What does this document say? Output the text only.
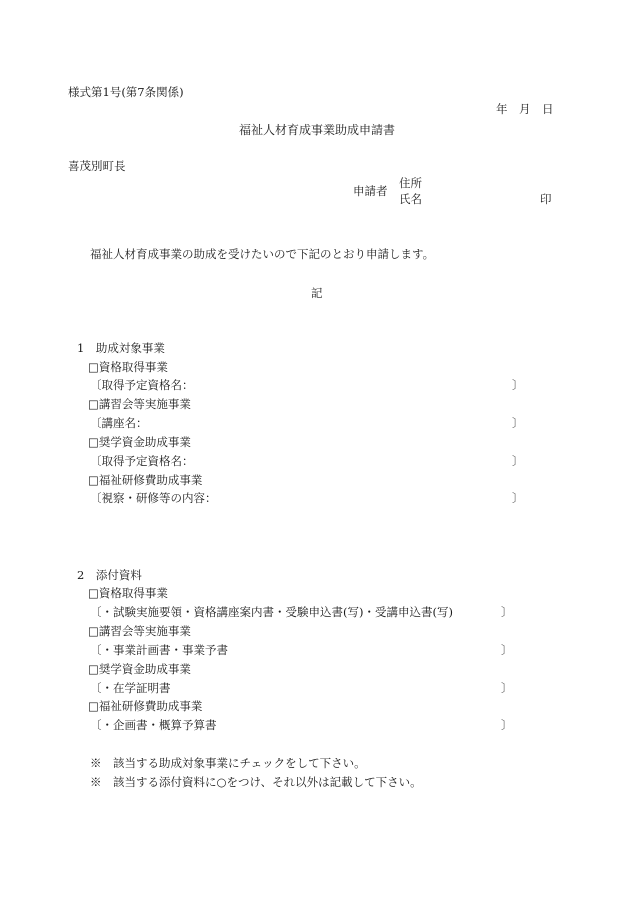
様式第1号(第7条関係)
年　月　日
福祉人材育成事業助成申請書
喜茂別町長
申請者
住所
氏名	印
福祉人材育成事業の助成を受けたいので下記のとおり申請します。
記
1　助成対象事業
□資格取得事業
〔取得予定資格名：	〕
□講習会等実施事業
〔講座名：	〕
□奨学資金助成事業
〔取得予定資格名：	〕
□福祉研修費助成事業
〔視察・研修等の内容：	〕
2　添付資料
□資格取得事業
〔・試験実施要領・資格講座案内書・受験申込書(写)・受講申込書(写)	〕
□講習会等実施事業
〔・事業計画書・事業予書	〕
□奨学資金助成事業
〔・在学証明書	〕
□福祉研修費助成事業
〔・企画書・概算予算書	〕
※　該当する助成対象事業にチェックをして下さい。
※　該当する添付資料に○をつけ、それ以外は記載して下さい。
